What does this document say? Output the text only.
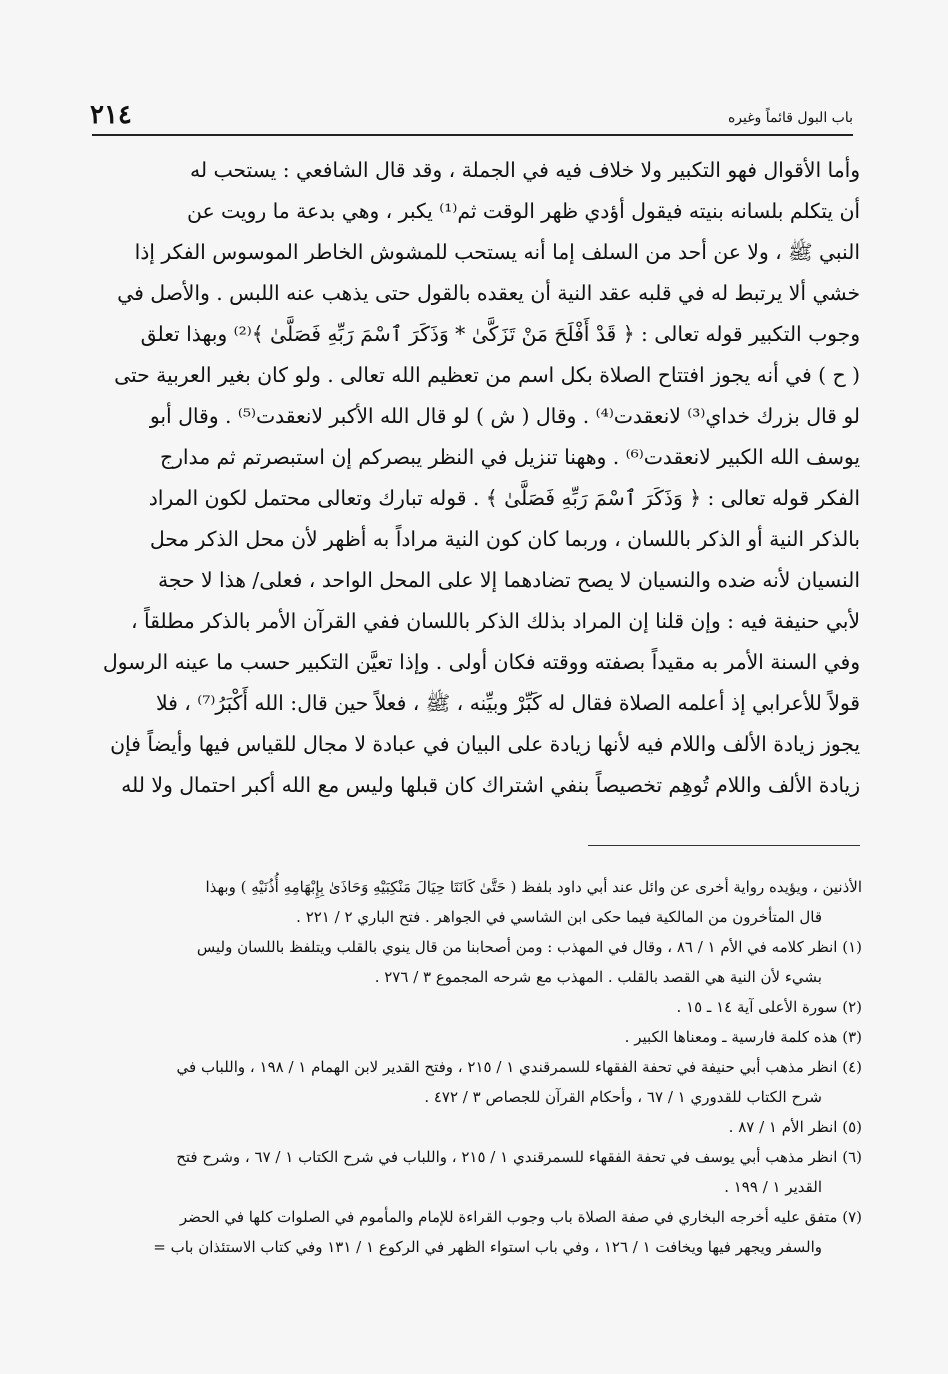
باب البول قائماً وغيره
٢١٤

وأما الأقوال فهو التكبير ولا خلاف فيه في الجملة ، وقد قال الشافعي : يستحب له

أن يتكلم بلسانه بنيته فيقول أؤدي ظهر الوقت ثم⁽¹⁾ يكبر ، وهي بدعة ما رويت عن

النبي ﷺ ، ولا عن أحد من السلف إما أنه يستحب للمشوش الخاطر الموسوس الفكر إذا

خشي ألا يرتبط له في قلبه عقد النية أن يعقده بالقول حتى يذهب عنه اللبس . والأصل في

وجوب التكبير قوله تعالى : ﴿ قَدْ أَفْلَحَ مَنْ تَزَكَّىٰ * وَذَكَرَ ٱسْمَ رَبِّهِ فَصَلَّىٰ ﴾⁽²⁾ وبهذا تعلق

( ح ) في أنه يجوز افتتاح الصلاة بكل اسم من تعظيم الله تعالى . ولو كان بغير العربية حتى

لو قال بزرك خداي⁽³⁾ لانعقدت⁽⁴⁾ . وقال ( ش ) لو قال الله الأكبر لانعقدت⁽⁵⁾ . وقال أبو

يوسف الله الكبير لانعقدت⁽⁶⁾ . وههنا تنزيل في النظر يبصركم إن استبصرتم ثم مدارج

الفكر قوله تعالى : ﴿ وَذَكَرَ ٱسْمَ رَبِّهِ فَصَلَّىٰ ﴾ . قوله تبارك وتعالى محتمل لكون المراد

بالذكر النية أو الذكر باللسان ، وربما كان كون النية مراداً به أظهر لأن محل الذكر محل

النسيان لأنه ضده والنسيان لا يصح تضادهما إلا على المحل الواحد ، فعلى/ هذا لا حجة

لأبي حنيفة فيه : وإن قلنا إن المراد بذلك الذكر باللسان ففي القرآن الأمر بالذكر مطلقاً ،

وفي السنة الأمر به مقيداً بصفته ووقته فكان أولى . وإذا تعيَّن التكبير حسب ما عينه الرسول

قولاً للأعرابي إذ أعلمه الصلاة فقال له كَبِّرْ وبيِّنه ، ﷺ ، فعلاً حين قال: الله أَكْبَرُ⁽⁷⁾ ، فلا

يجوز زيادة الألف واللام فيه لأنها زيادة على البيان في عبادة لا مجال للقياس فيها وأيضاً فإن

زيادة الألف واللام تُوهِم تخصيصاً بنفي اشتراك كان قبلها وليس مع الله أكبر احتمال ولا لله

الأذنين ، ويؤيده رواية أخرى عن وائل عند أبي داود بلفظ ( حَتَّىٰ كَانَتَا حِيَالَ مَنْكِبَيْهِ وَحَاذَىٰ بِإِبْهَامِهِ أُذُنَيْهِ ) وبهذا
قال المتأخرون من المالكية فيما حكى ابن الشاسي في الجواهر . فتح الباري ٢ / ٢٢١ .
(١) انظر كلامه في الأم ١ / ٨٦ ، وقال في المهذب : ومن أصحابنا من قال ينوي بالقلب ويتلفظ باللسان وليس
بشيء لأن النية هي القصد بالقلب . المهذب مع شرحه المجموع ٣ / ٢٧٦ .
(٢) سورة الأعلى آية ١٤ ـ ١٥ .
(٣) هذه كلمة فارسية ـ ومعناها الكبير .
(٤) انظر مذهب أبي حنيفة في تحفة الفقهاء للسمرقندي ١ / ٢١٥ ، وفتح القدير لابن الهمام ١ / ١٩٨ ، واللباب في
شرح الكتاب للقدوري ١ / ٦٧ ، وأحكام القرآن للجصاص ٣ / ٤٧٢ .
(٥) انظر الأم ١ / ٨٧ .
(٦) انظر مذهب أبي يوسف في تحفة الفقهاء للسمرقندي ١ / ٢١٥ ، واللباب في شرح الكتاب ١ / ٦٧ ، وشرح فتح
القدير ١ / ١٩٩ .
(٧) متفق عليه أخرجه البخاري في صفة الصلاة باب وجوب القراءة للإمام والمأموم في الصلوات كلها في الحضر
والسفر ويجهر فيها ويخافت ١ / ١٢٦ ، وفي باب استواء الظهر في الركوع ١ / ١٣١ وفي كتاب الاستئذان باب =
